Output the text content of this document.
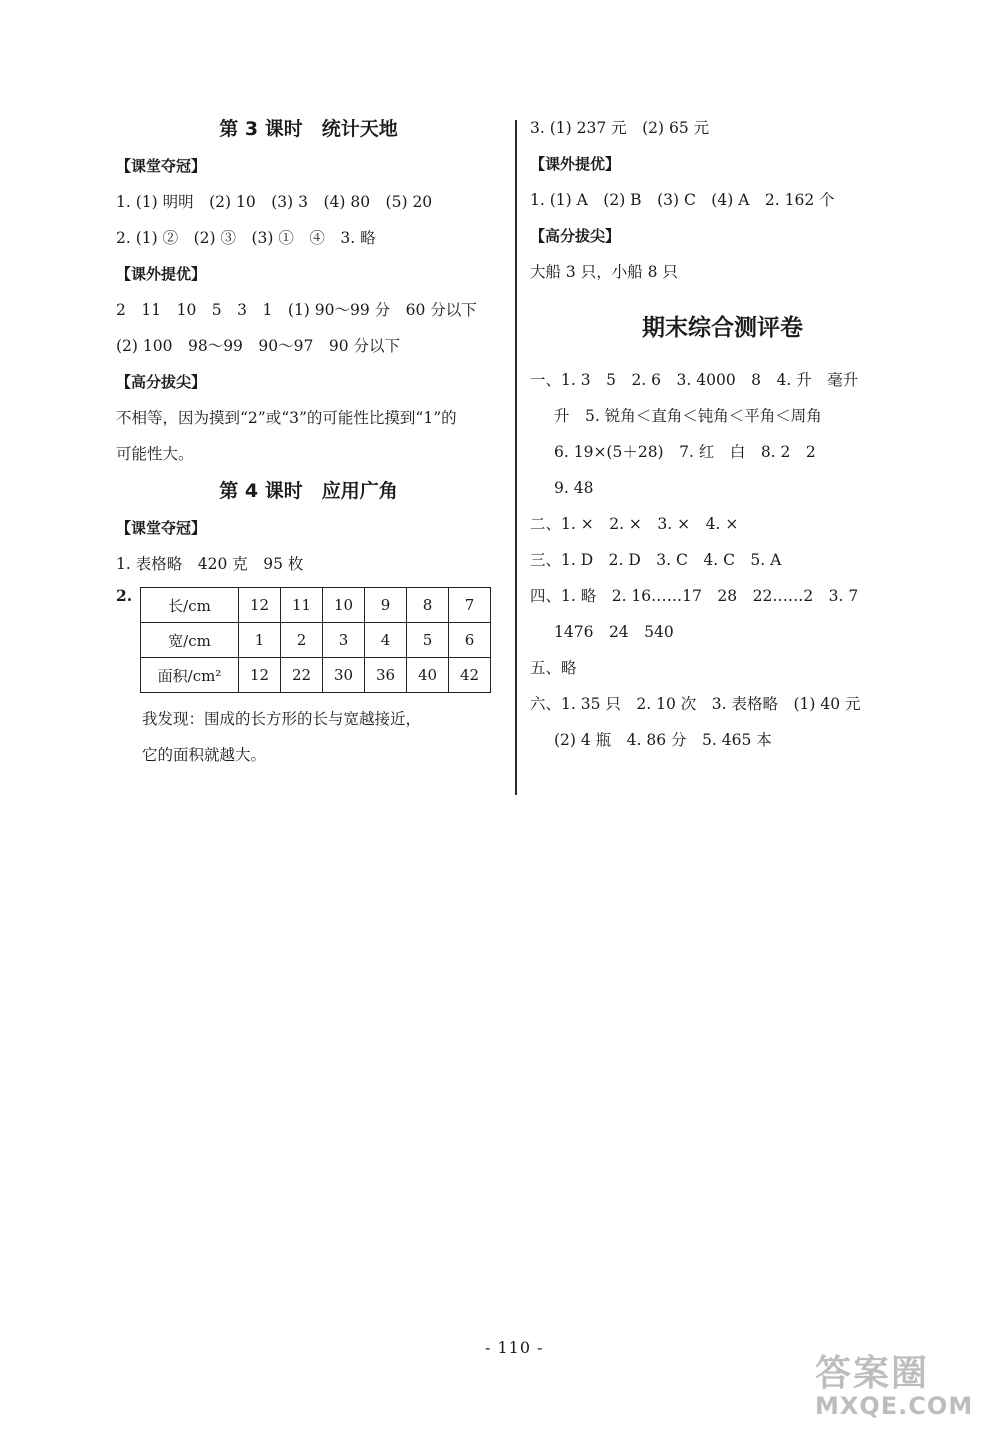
第 3 课时　统计天地
【课堂夺冠】
1. (1) 明明　(2) 10　(3) 3　(4) 80　(5) 20
2. (1) ②　(2) ③　(3) ①　④　3. 略
【课外提优】
2　11　10　5　3　1　(1) 90～99 分　60 分以下
(2) 100　98～99　90～97　90 分以下
【高分拔尖】
不相等，因为摸到“2”或“3”的可能性比摸到“1”的
可能性大。
第 4 课时　应用广角
【课堂夺冠】
1. 表格略　420 克　95 枚
2.
长/cm	12	11	10	9	8	7
宽/cm	1	2	3	4	5	6
面积/cm²	12	22	30	36	40	42
我发现：围成的长方形的长与宽越接近，
它的面积就越大。
3. (1) 237 元　(2) 65 元
【课外提优】
1. (1) A　(2) B　(3) C　(4) A　2. 162 个
【高分拔尖】
大船 3 只，小船 8 只
期末综合测评卷
一、1. 3　5　2. 6　3. 4000　8　4. 升　毫升
升　5. 锐角＜直角＜钝角＜平角＜周角
6. 19×(5＋28)　7. 红　白　8. 2　2
9. 48
二、1. ×　2. ×　3. ×　4. ×
三、1. D　2. D　3. C　4. C　5. A
四、1. 略　2. 16……17　28　22……2　3. 7
1476　24　540
五、略
六、1. 35 只　2. 10 次　3. 表格略　(1) 40 元
(2) 4 瓶　4. 86 分　5. 465 本
- 110 -
答案圈
MXQE.COM
